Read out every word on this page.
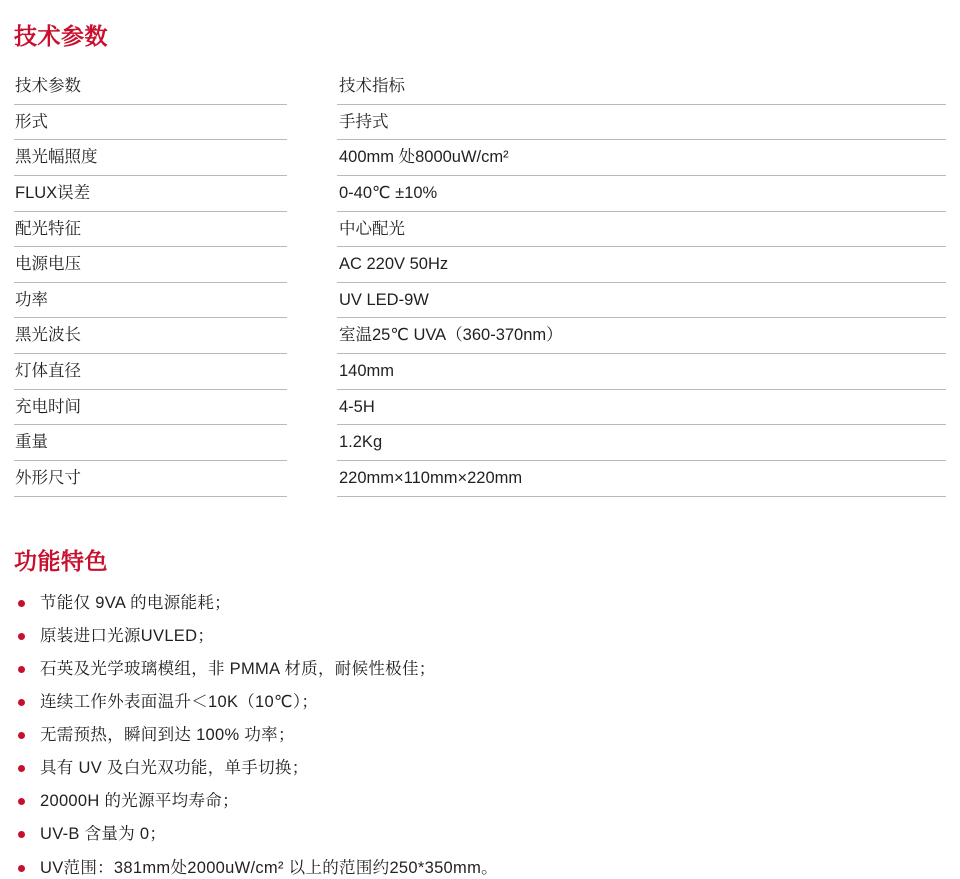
技术参数
技术参数		技术指标
形式		手持式
黑光幅照度		400mm 处8000uW/cm²
FLUX误差		0-40℃ ±10%
配光特征		中心配光
电源电压		AC 220V 50Hz
功率		UV LED-9W
黑光波长		室温25℃ UVA（360-370nm）
灯体直径		140mm
充电时间		4-5H
重量		1.2Kg
外形尺寸		220mm×110mm×220mm
功能特色
节能仅 9VA 的电源能耗；
原装进口光源UVLED；
石英及光学玻璃模组，非 PMMA 材质，耐候性极佳；
连续工作外表面温升＜10K（10℃）；
无需预热，瞬间到达 100% 功率；
具有 UV 及白光双功能，单手切换；
20000H 的光源平均寿命；
UV-B 含量为 0；
UV范围：381mm处2000uW/cm² 以上的范围约250*350mm。
